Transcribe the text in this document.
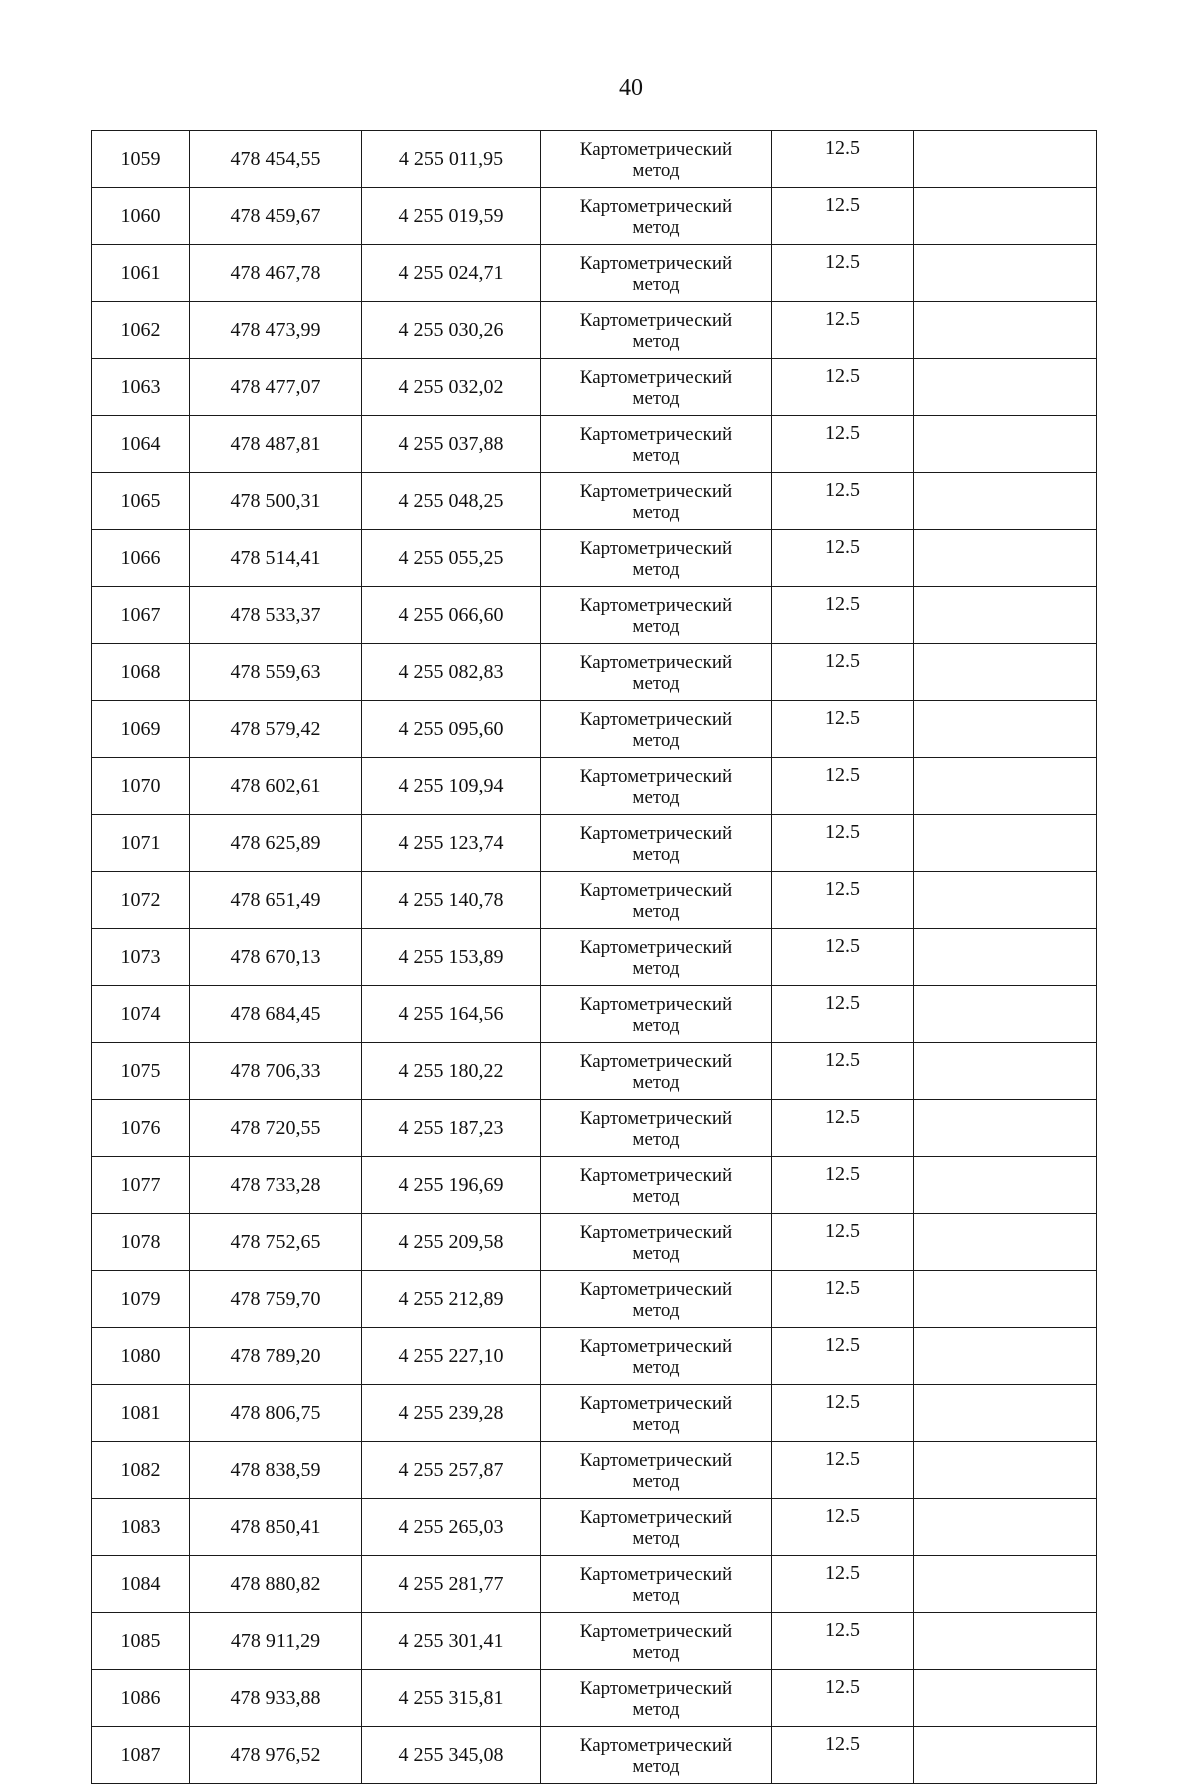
40
1059	478 454,55	4 255 011,95	Картометрический
метод	12.5	
1060	478 459,67	4 255 019,59	Картометрический
метод	12.5	
1061	478 467,78	4 255 024,71	Картометрический
метод	12.5	
1062	478 473,99	4 255 030,26	Картометрический
метод	12.5	
1063	478 477,07	4 255 032,02	Картометрический
метод	12.5	
1064	478 487,81	4 255 037,88	Картометрический
метод	12.5	
1065	478 500,31	4 255 048,25	Картометрический
метод	12.5	
1066	478 514,41	4 255 055,25	Картометрический
метод	12.5	
1067	478 533,37	4 255 066,60	Картометрический
метод	12.5	
1068	478 559,63	4 255 082,83	Картометрический
метод	12.5	
1069	478 579,42	4 255 095,60	Картометрический
метод	12.5	
1070	478 602,61	4 255 109,94	Картометрический
метод	12.5	
1071	478 625,89	4 255 123,74	Картометрический
метод	12.5	
1072	478 651,49	4 255 140,78	Картометрический
метод	12.5	
1073	478 670,13	4 255 153,89	Картометрический
метод	12.5	
1074	478 684,45	4 255 164,56	Картометрический
метод	12.5	
1075	478 706,33	4 255 180,22	Картометрический
метод	12.5	
1076	478 720,55	4 255 187,23	Картометрический
метод	12.5	
1077	478 733,28	4 255 196,69	Картометрический
метод	12.5	
1078	478 752,65	4 255 209,58	Картометрический
метод	12.5	
1079	478 759,70	4 255 212,89	Картометрический
метод	12.5	
1080	478 789,20	4 255 227,10	Картометрический
метод	12.5	
1081	478 806,75	4 255 239,28	Картометрический
метод	12.5	
1082	478 838,59	4 255 257,87	Картометрический
метод	12.5	
1083	478 850,41	4 255 265,03	Картометрический
метод	12.5	
1084	478 880,82	4 255 281,77	Картометрический
метод	12.5	
1085	478 911,29	4 255 301,41	Картометрический
метод	12.5	
1086	478 933,88	4 255 315,81	Картометрический
метод	12.5	
1087	478 976,52	4 255 345,08	Картометрический
метод	12.5	
